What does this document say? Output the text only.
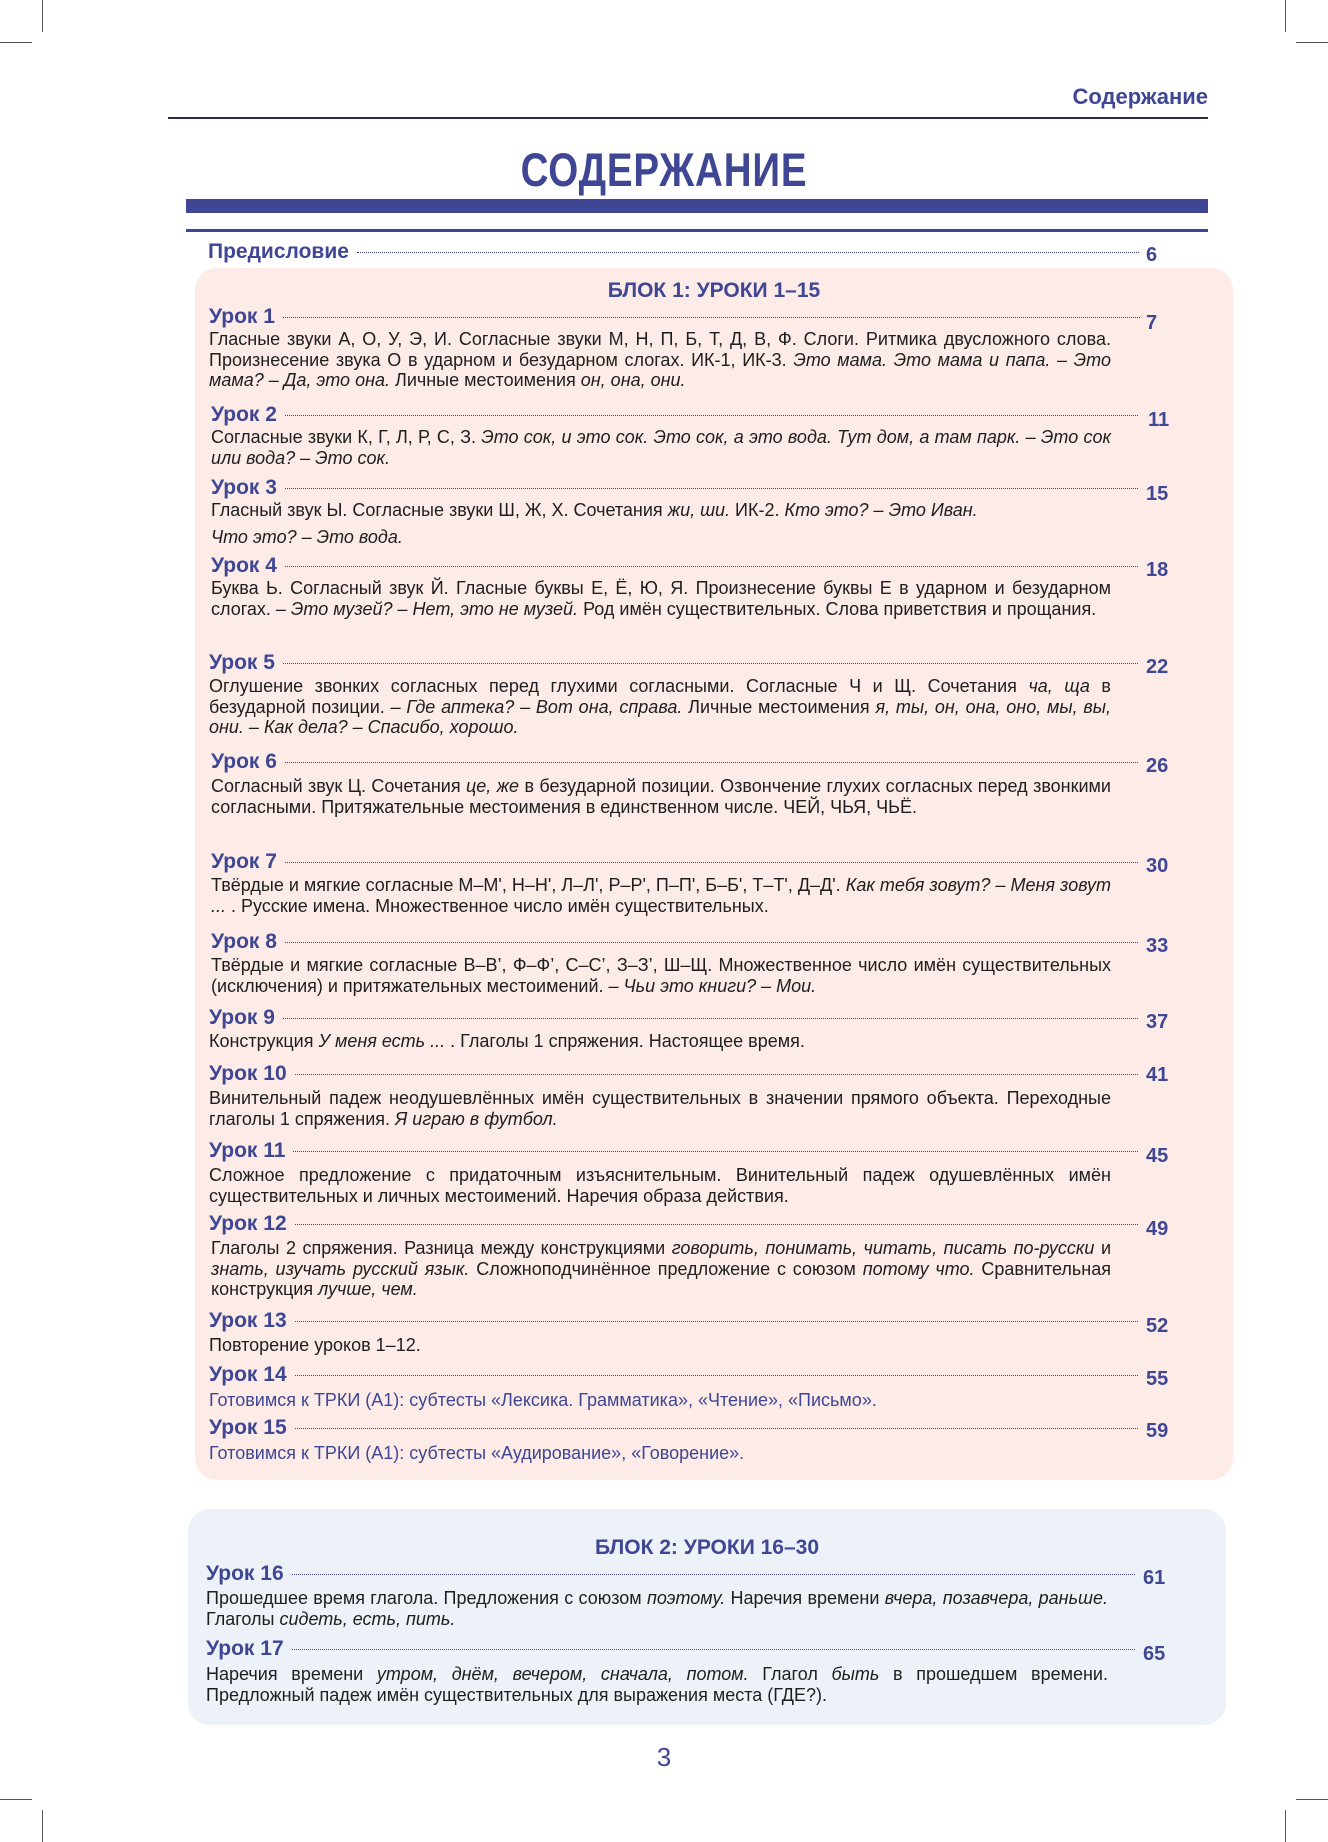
Содержание
СОДЕРЖАНИЕ
Предисловие	6
БЛОК 1: УРОКИ 1–15
БЛОК 2: УРОКИ 16–30
Урок 1	7
Гласные звуки А, О, У, Э, И. Согласные звуки М, Н, П, Б, Т, Д, В, Ф. Слоги. Ритмика двусложного слова. Произнесение звука О в ударном и безударном слогах. ИК-1, ИК-3. Это мама. Это мама и папа. – Это мама? – Да, это она. Личные местоимения он, она, они.
Урок 2	11
Согласные звуки К, Г, Л, Р, С, З. Это сок, и это сок. Это сок, а это вода. Тут дом, а там парк. – Это сок или вода? – Это сок.
Урок 3	15
Гласный звук Ы. Согласные звуки Ш, Ж, Х. Сочетания жи, ши. ИК-2. Кто это? – Это Иван.
Что это? – Это вода.
Урок 4	18
Буква Ь. Согласный звук Й. Гласные буквы Е, Ё, Ю, Я. Произнесение буквы Е в ударном и безударном слогах. – Это музей? – Нет, это не музей. Род имён существительных. Слова приветствия и прощания.
Урок 5	22
Оглушение звонких согласных перед глухими согласными. Согласные Ч и Щ. Сочетания ча, ща в безударной позиции. – Где аптека? – Вот она, справа. Личные местоимения я, ты, он, она, оно, мы, вы, они. – Как дела? – Спасибо, хорошо.
Урок 6	26
Согласный звук Ц. Сочетания це, же в безударной позиции. Озвончение глухих согласных перед звонкими согласными. Притяжательные местоимения в единственном числе. ЧЕЙ, ЧЬЯ, ЧЬЁ.
Урок 7	30
Твёрдые и мягкие согласные М–М', Н–Н', Л–Л', Р–Р', П–П', Б–Б', Т–Т', Д–Д'. Как тебя зовут? – Меня зовут ... . Русские имена. Множественное число имён существительных.
Урок 8	33
Твёрдые и мягкие согласные В–В’, Ф–Ф’, С–С’, З–З’, Ш–Щ. Множественное число имён существительных (исключения) и притяжательных местоимений. – Чьи это книги? – Мои.
Урок 9	37
Конструкция У меня есть ... . Глаголы 1 спряжения. Настоящее время.
Урок 10	41
Винительный падеж неодушевлённых имён существительных в значении прямого объекта. Переходные глаголы 1 спряжения. Я играю в футбол.
Урок 11	45
Сложное предложение с придаточным изъяснительным. Винительный падеж одушевлённых имён существительных и личных местоимений. Наречия образа действия.
Урок 12	49
Глаголы 2 спряжения. Разница между конструкциями говорить, понимать, читать, писать по-русски и знать, изучать русский язык. Сложноподчинённое предложение с союзом потому что. Сравнительная конструкция лучше, чем.
Урок 13	52
Повторение уроков 1–12.
Урок 14	55
Готовимся к ТРКИ (А1): субтесты «Лексика. Грамматика», «Чтение», «Письмо».
Урок 15	59
Готовимся к ТРКИ (А1): субтесты «Аудирование», «Говорение».
Урок 16	61
Прошедшее время глагола. Предложения с союзом поэтому. Наречия времени вчера, позавчера, раньше. Глаголы сидеть, есть, пить.
Урок 17	65
Наречия времени утром, днём, вечером, сначала, потом. Глагол быть в прошедшем времени. Предложный падеж имён существительных для выражения места (ГДЕ?).
3
